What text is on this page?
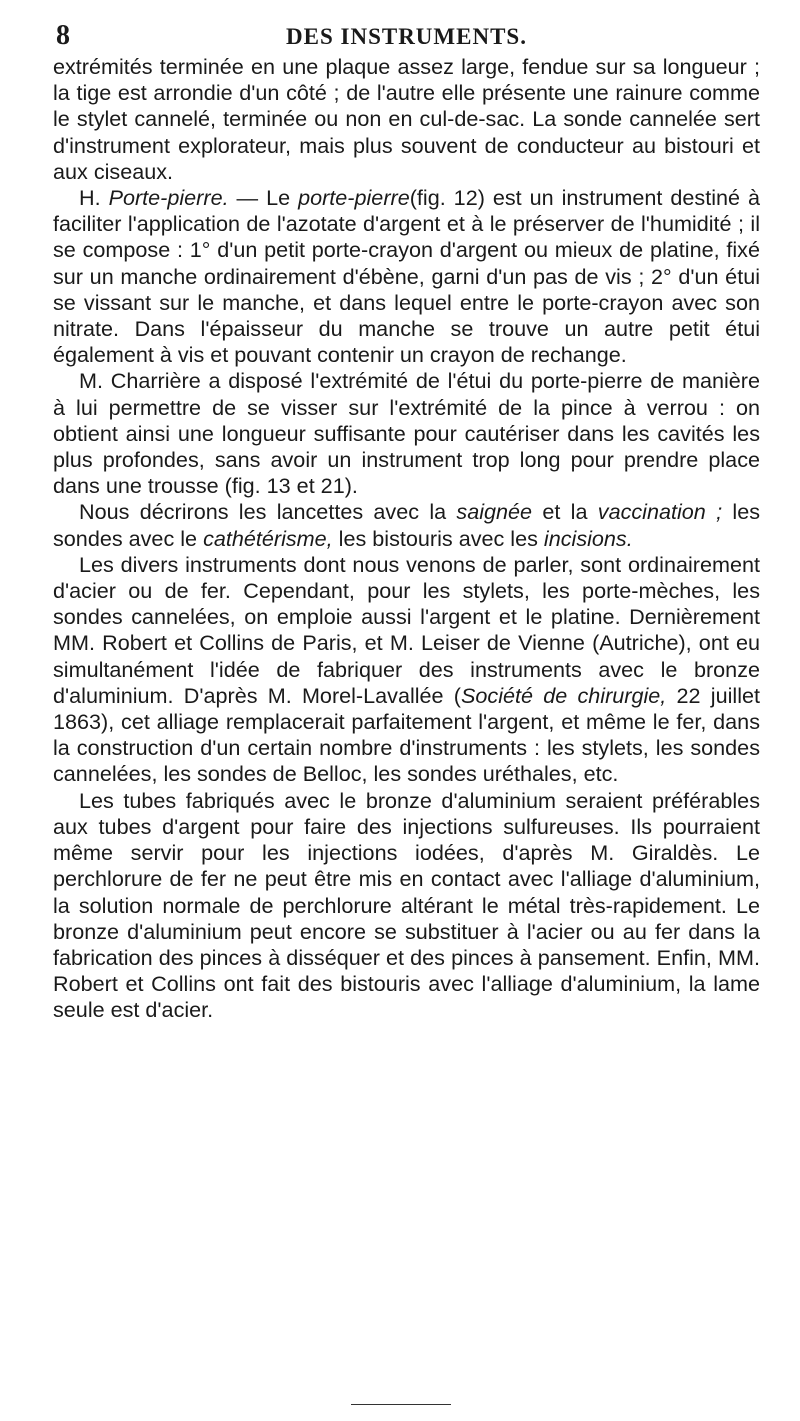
8	DES INSTRUMENTS.

extrémités terminée en une plaque assez large, fendue sur sa longueur ; la tige est arrondie d'un côté ; de l'autre elle présente une rainure comme le stylet cannelé, terminée ou non en cul-de-sac. La sonde cannelée sert d'instrument explorateur, mais plus souvent de conducteur au bistouri et aux ciseaux.

H. Porte-pierre. — Le porte-pierre(fig. 12) est un instrument destiné à faciliter l'application de l'azotate d'argent et à le préserver de l'humidité ; il se compose : 1° d'un petit porte-crayon d'argent ou mieux de platine, fixé sur un manche ordinairement d'ébène, garni d'un pas de vis ; 2° d'un étui se vissant sur le manche, et dans lequel entre le porte-crayon avec son nitrate. Dans l'épaisseur du manche se trouve un autre petit étui également à vis et pouvant contenir un crayon de rechange.

M. Charrière a disposé l'extrémité de l'étui du porte-pierre de manière à lui permettre de se visser sur l'extrémité de la pince à verrou : on obtient ainsi une longueur suffisante pour cautériser dans les cavités les plus profondes, sans avoir un instrument trop long pour prendre place dans une trousse (fig. 13 et 21).

Nous décrirons les lancettes avec la saignée et la vaccination ; les sondes avec le cathétérisme, les bistouris avec les incisions.

Les divers instruments dont nous venons de parler, sont ordinairement d'acier ou de fer. Cependant, pour les stylets, les porte-mèches, les sondes cannelées, on emploie aussi l'argent et le platine. Dernièrement MM. Robert et Collins de Paris, et M. Leiser de Vienne (Autriche), ont eu simultanément l'idée de fabriquer des instruments avec le bronze d'aluminium. D'après M. Morel-Lavallée (Société de chirurgie, 22 juillet 1863), cet alliage remplacerait parfaitement l'argent, et même le fer, dans la construction d'un certain nombre d'instruments : les stylets, les sondes cannelées, les sondes de Belloc, les sondes uréthales, etc.

Les tubes fabriqués avec le bronze d'aluminium seraient préférables aux tubes d'argent pour faire des injections sulfureuses. Ils pourraient même servir pour les injections iodées, d'après M. Giraldès. Le perchlorure de fer ne peut être mis en contact avec l'alliage d'aluminium, la solution normale de perchlorure altérant le métal très-rapidement. Le bronze d'aluminium peut encore se substituer à l'acier ou au fer dans la fabrication des pinces à disséquer et des pinces à pansement. Enfin, MM. Robert et Collins ont fait des bistouris avec l'alliage d'aluminium, la lame seule est d'acier.
